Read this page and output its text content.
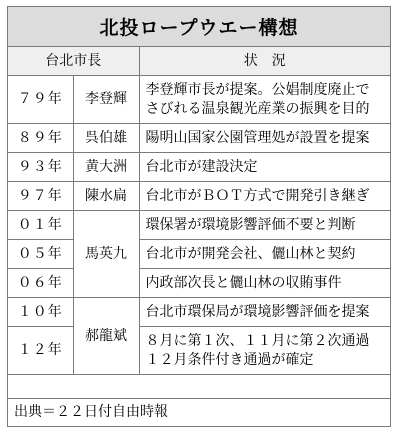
北投ロープウエー構想
台北市長		状　況
７９年	李登輝	李登輝市長が提案。公娼制度廃止で
さびれる温泉観光産業の振興を目的

８９年	呉伯雄	陽明山国家公園管理処が設置を提案
９３年	黄大洲	台北市が建設決定
９７年	陳水扁	台北市がＢＯＴ方式で開発引き継ぎ
０１年	馬英九	環保署が環境影響評価不要と判断
０５年		台北市が開発会社、儷山林と契約
０６年		内政部次長と儷山林の収賄事件
１０年	郝龍斌	台北市環保局が環境影響評価を提案
１２年		８月に第１次、１１月に第２次通過
１２月条件付き通過が確定
出典＝２２日付自由時報
